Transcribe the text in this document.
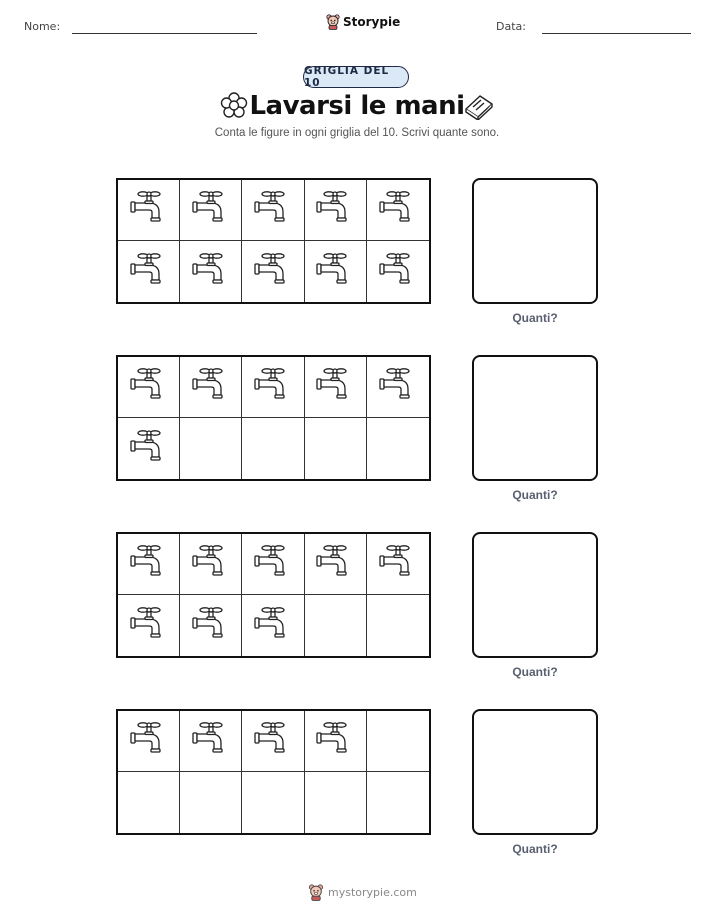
Nome:	Storypie	Data:
GRIGLIA DEL 10
Lavarsi le mani
Conta le figure in ogni griglia del 10. Scrivi quante sono.
Quanti?
Quanti?
Quanti?
Quanti?
mystorypie.com
